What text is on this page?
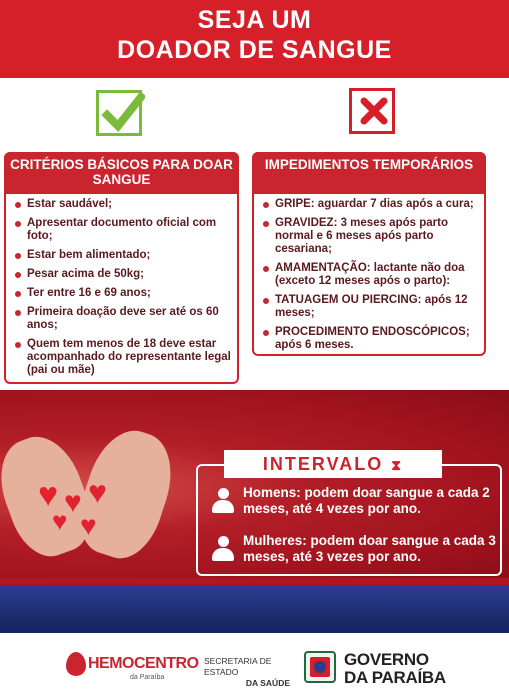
SEJA UM
DOADOR DE SANGUE
CRITÉRIOS BÁSICOS PARA DOAR SANGUE
Estar saudável;
Apresentar documento oficial com foto;
Estar bem alimentado;
Pesar acima de 50kg;
Ter entre 16 e 69 anos;
Primeira doação deve ser até os 60 anos;
Quem tem menos de 18 deve estar acompanhado do representante legal (pai ou mãe)
IMPEDIMENTOS TEMPORÁRIOS
GRIPE: aguardar 7 dias após a cura;
GRAVIDEZ: 3 meses após parto normal e 6 meses após parto cesariana;
AMAMENTAÇÃO: lactante não doa (exceto 12 meses após o parto):
TATUAGEM OU PIERCING: após 12 meses;
PROCEDIMENTO ENDOSCÓPICOS; após 6 meses.
♥ ♥ ♥
♥ ♥
INTERVALO ⧗
Homens: podem doar sangue a cada 2 meses, até 4 vezes por ano.
Mulheres: podem doar sangue a cada 3 meses, até 3 vezes por ano.
HEMOCENTRO
da Paraíba
SECRETARIA DE ESTADO
DA SAÚDE
GOVERNO
DA PARAÍBA
